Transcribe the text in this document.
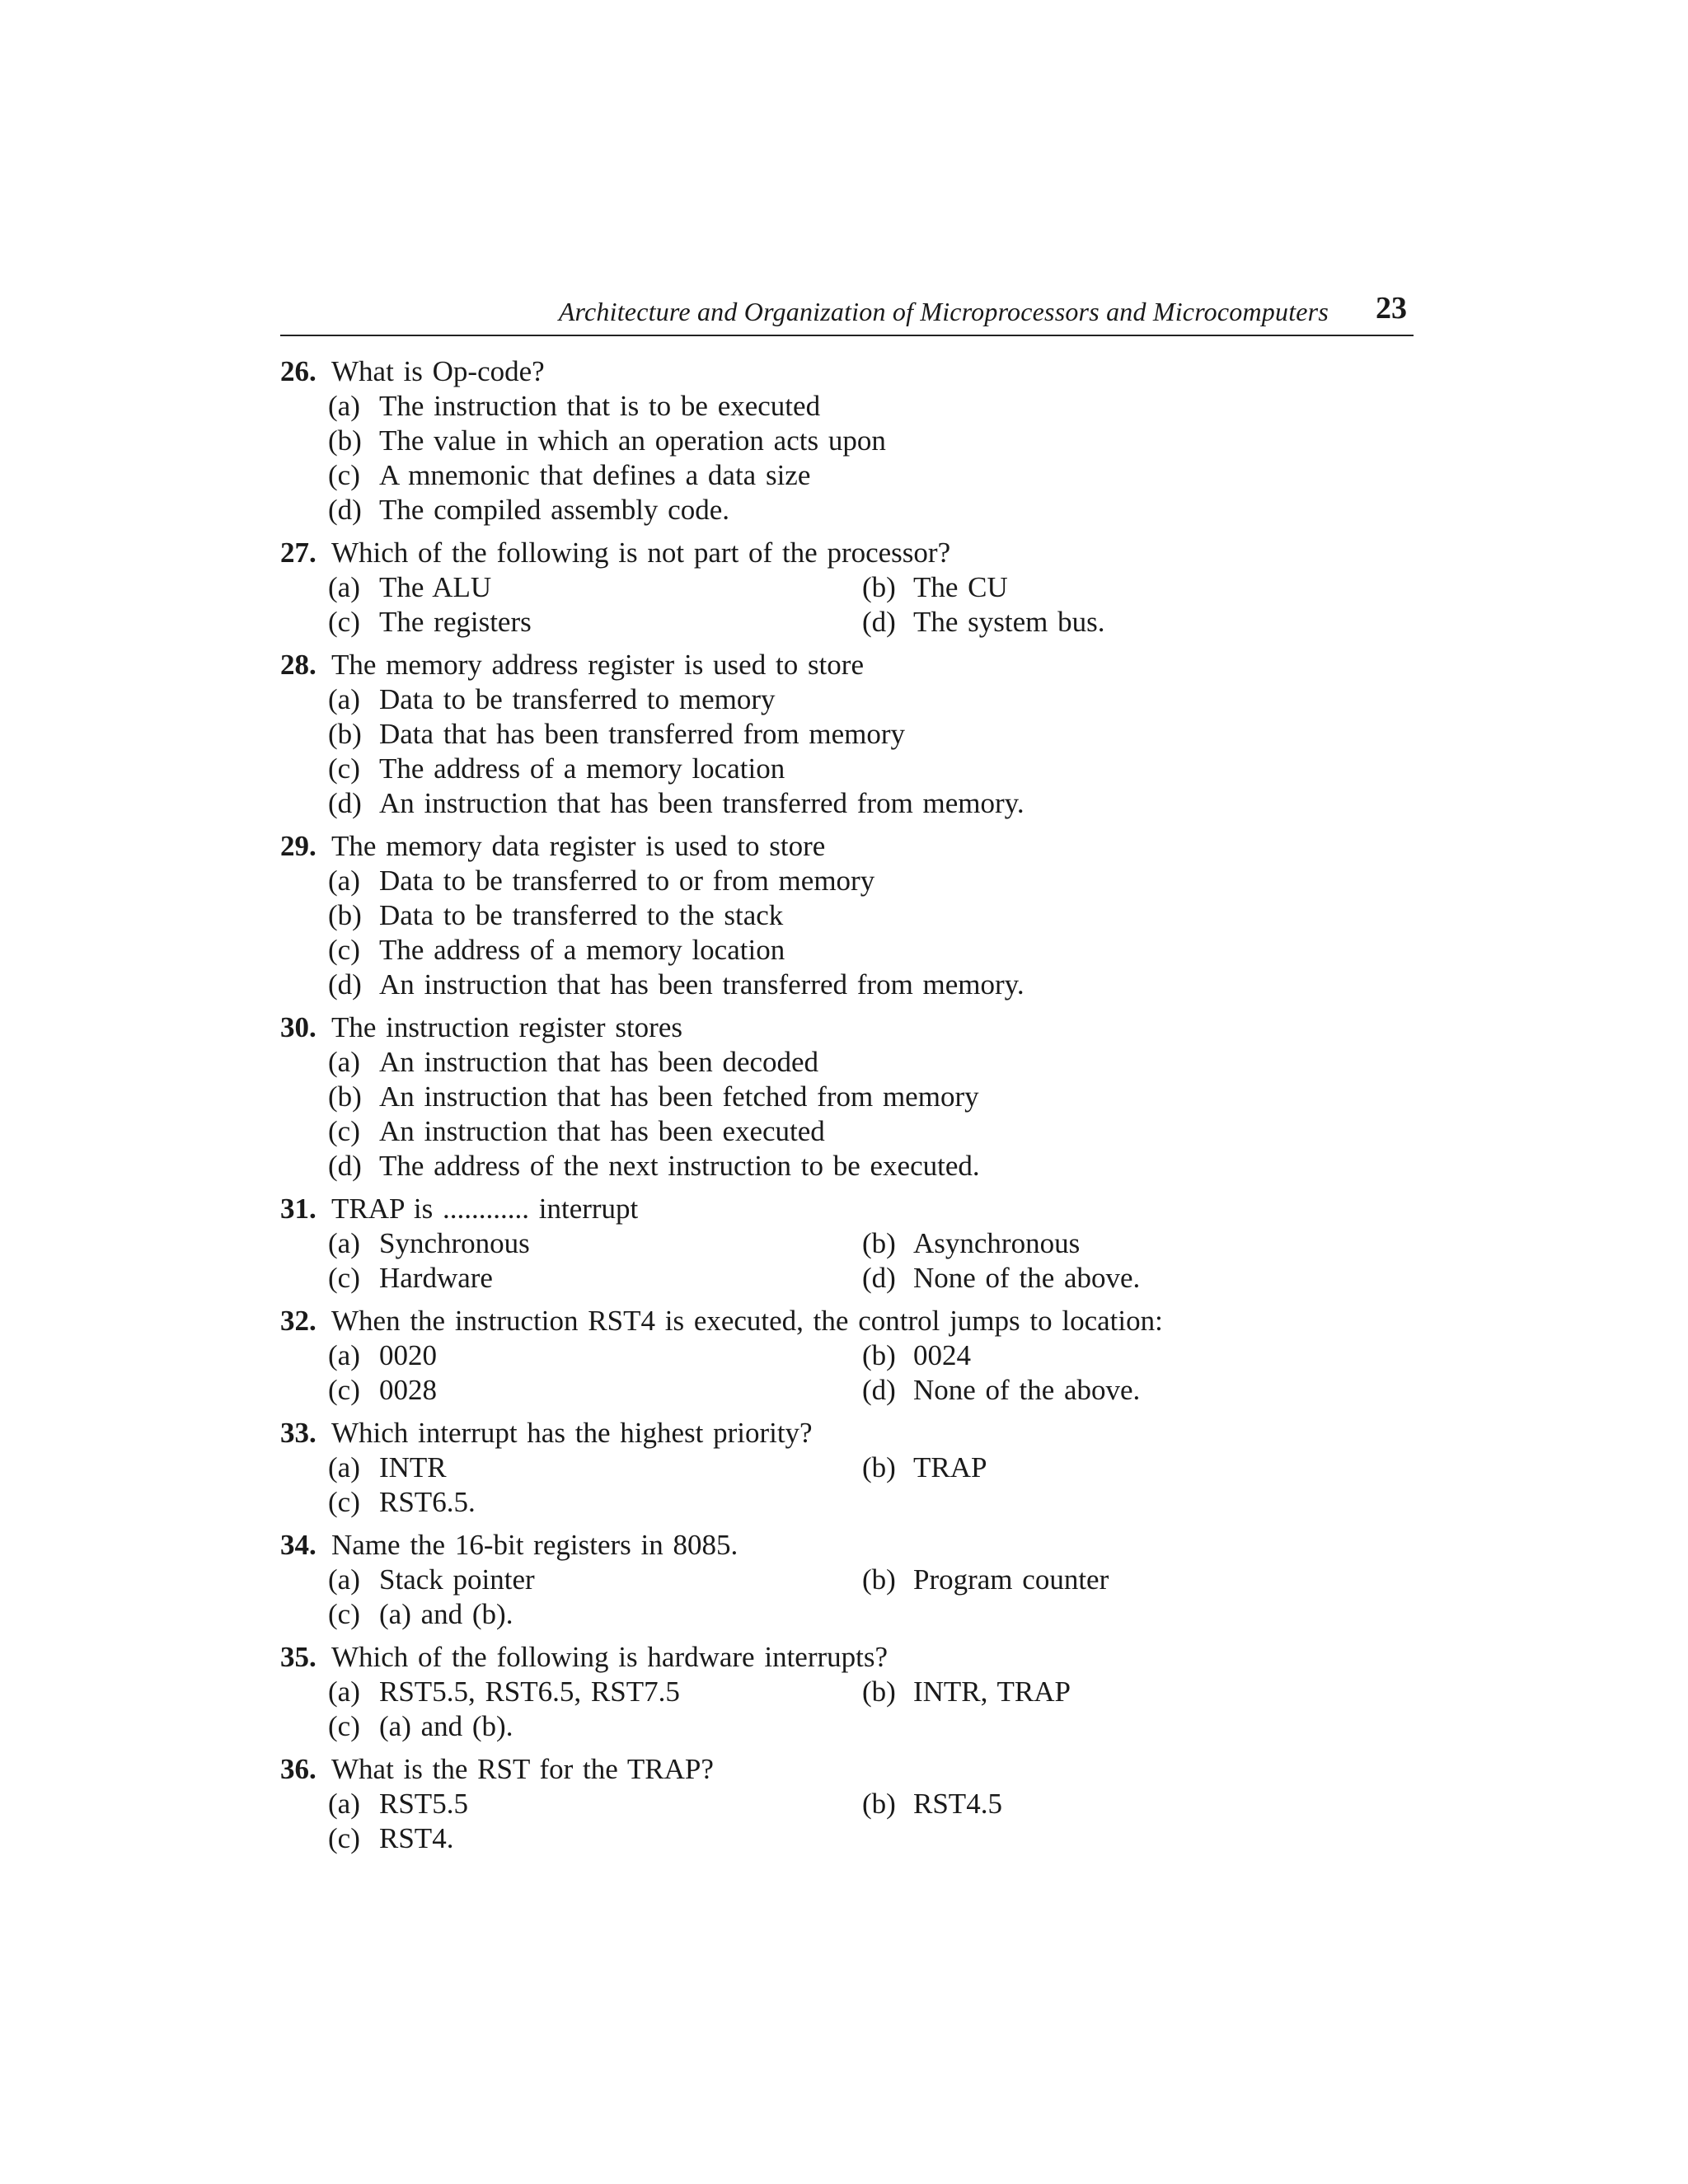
Architecture and Organization of Microprocessors and Microcomputers 23
26. What is Op-code?
(a) The instruction that is to be executed
(b) The value in which an operation acts upon
(c) A mnemonic that defines a data size
(d) The compiled assembly code.
27. Which of the following is not part of the processor?
(a) The ALU	(b) The CU
(c) The registers	(d) The system bus.
28. The memory address register is used to store
(a) Data to be transferred to memory
(b) Data that has been transferred from memory
(c) The address of a memory location
(d) An instruction that has been transferred from memory.
29. The memory data register is used to store
(a) Data to be transferred to or from memory
(b) Data to be transferred to the stack
(c) The address of a memory location
(d) An instruction that has been transferred from memory.
30. The instruction register stores
(a) An instruction that has been decoded
(b) An instruction that has been fetched from memory
(c) An instruction that has been executed
(d) The address of the next instruction to be executed.
31. TRAP is ............ interrupt
(a) Synchronous	(b) Asynchronous
(c) Hardware	(d) None of the above.
32. When the instruction RST4 is executed, the control jumps to location:
(a) 0020	(b) 0024
(c) 0028	(d) None of the above.
33. Which interrupt has the highest priority?
(a) INTR	(b) TRAP
(c) RST6.5.
34. Name the 16-bit registers in 8085.
(a) Stack pointer	(b) Program counter
(c) (a) and (b).
35. Which of the following is hardware interrupts?
(a) RST5.5, RST6.5, RST7.5	(b) INTR, TRAP
(c) (a) and (b).
36. What is the RST for the TRAP?
(a) RST5.5	(b) RST4.5
(c) RST4.
